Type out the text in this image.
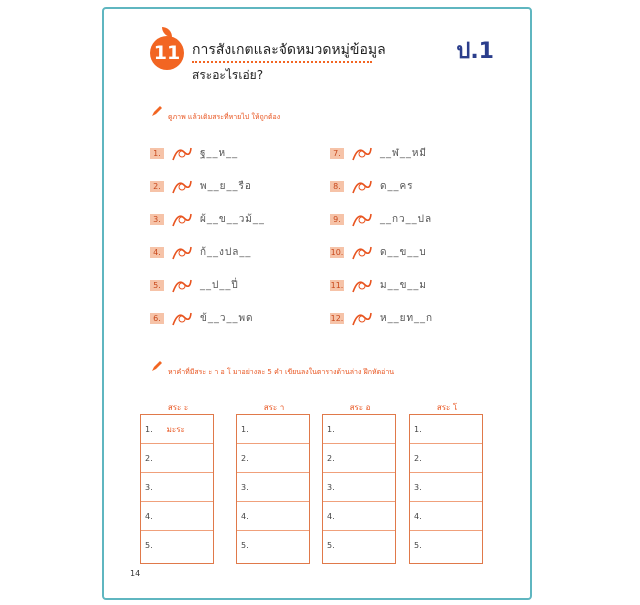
11 การสังเกตและจัดหมวดหมู่ข้อมูล
สระอะไรเอ่ย?
ป.1
ดูภาพ แล้วเติมสระที่หายไป ให้ถูกต้อง
1.	ฐ__ห__
2.	พ__ย__รือ
3.	ผ้__ข__วม้__
4.	ก้__งปล__
5.	__ป__ปี่
6.	ข้__ว__พด
7.	__ฬ__หมี
8.	ด__คร
9.	__กว__ปล
10.	ด__ข__บ
11.	ม__ข__ม
12.	ห__ยท__ก
หาคำที่มีสระ ะ า อ โ มาอย่างละ 5 คำ เขียนลงในตารางด้านล่าง ฝึกหัดอ่าน
สระ ะ
1. มะระ
2.
3.
4.
5.
สระ า
1.
2.
3.
4.
5.
สระ อ
1.
2.
3.
4.
5.
สระ โ
1.
2.
3.
4.
5.
14
